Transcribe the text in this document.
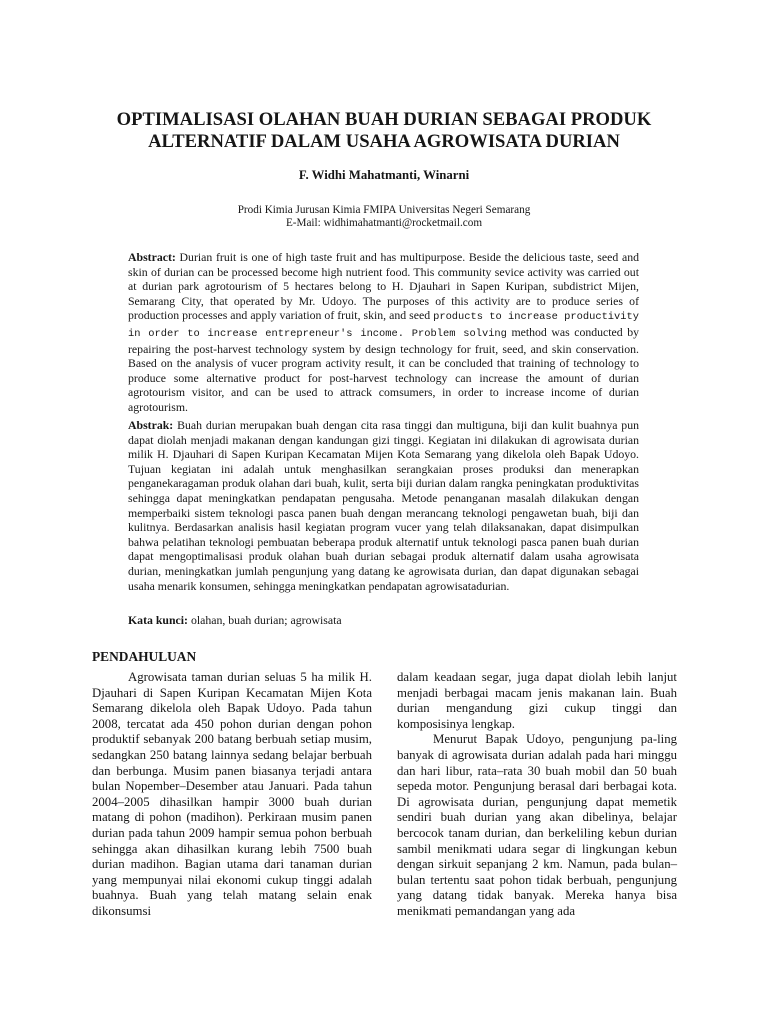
OPTIMALISASI OLAHAN BUAH DURIAN SEBAGAI PRODUK
ALTERNATIF DALAM USAHA AGROWISATA DURIAN
F. Widhi Mahatmanti, Winarni
Prodi Kimia Jurusan Kimia FMIPA Universitas Negeri Semarang
E-Mail: widhimahatmanti@rocketmail.com
Abstract: Durian fruit is one of high taste fruit and has multipurpose. Beside the delicious taste, seed and skin of durian can be processed become high nutrient food. This community sevice activity was carried out at durian park agrotourism of 5 hectares belong to H. Djauhari in Sapen Kuripan, subdistrict Mijen, Semarang City, that operated by Mr. Udoyo. The purposes of this activity are to produce series of production processes and apply variation of fruit, skin, and seed products to increase productivity in order to increase entrepreneur's income. Problem solving method was conducted by repairing the post-harvest technology system by design technology for fruit, seed, and skin conservation. Based on the analysis of vucer program activity result, it can be concluded that training of technology to produce some alternative product for post-harvest technology can increase the amount of durian agrotourism visitor, and can be used to attrack comsumers, in order to increase income of durian agrotourism.
Abstrak: Buah durian merupakan buah dengan cita rasa tinggi dan multiguna, biji dan kulit buahnya pun dapat diolah menjadi makanan dengan kandungan gizi tinggi. Kegiatan ini dilakukan di agrowisata durian milik H. Djauhari di Sapen Kuripan Kecamatan Mijen Kota Semarang yang dikelola oleh Bapak Udoyo. Tujuan kegiatan ini adalah untuk menghasilkan serangkaian proses produksi dan menerapkan penganekaragaman produk olahan dari buah, kulit, serta biji durian dalam rangka peningkatan produktivitas sehingga dapat meningkatkan pendapatan pengusaha. Metode penanganan masalah dilakukan dengan memperbaiki sistem teknologi pasca panen buah dengan merancang teknologi pengawetan buah, biji dan kulitnya. Berdasarkan analisis hasil kegiatan program vucer yang telah dilaksanakan, dapat disimpulkan bahwa pelatihan teknologi pembuatan beberapa produk alternatif untuk teknologi pasca panen buah durian dapat mengoptimalisasi produk olahan buah durian sebagai produk alternatif dalam usaha agrowisata durian, meningkatkan jumlah pengunjung yang datang ke agrowisata durian, dan dapat digunakan sebagai usaha menarik konsumen, sehingga meningkatkan pendapatan agrowisatadurian.
Kata kunci: olahan, buah durian; agrowisata
PENDAHULUAN

Agrowisata taman durian seluas 5 ha milik H. Djauhari di Sapen Kuripan Kecamatan Mijen Kota Semarang dikelola oleh Bapak Udoyo. Pada tahun 2008, tercatat ada 450 pohon durian dengan pohon produktif sebanyak 200 batang berbuah setiap musim, sedangkan 250 batang lainnya sedang belajar berbuah dan berbunga. Musim panen biasanya terjadi antara bulan Nopember–Desember atau Januari. Pada tahun 2004–2005 dihasilkan hampir 3000 buah durian matang di pohon (madihon). Perkiraan musim panen durian pada tahun 2009 hampir semua pohon berbuah sehingga akan dihasilkan kurang lebih 7500 buah durian madihon. Bagian utama dari tanaman durian yang mempunyai nilai ekonomi cukup tinggi adalah buahnya. Buah yang telah matang selain enak dikonsumsi

dalam keadaan segar, juga dapat diolah lebih lanjut menjadi berbagai macam jenis makanan lain. Buah durian mengandung gizi cukup tinggi dan komposisinya lengkap.

Menurut Bapak Udoyo, pengunjung pa-ling banyak di agrowisata durian adalah pada hari minggu dan hari libur, rata–rata 30 buah mobil dan 50 buah sepeda motor. Pengunjung berasal dari berbagai kota. Di agrowisata durian, pengunjung dapat memetik sendiri buah durian yang akan dibelinya, belajar bercocok tanam durian, dan berkeliling kebun durian sambil menikmati udara segar di lingkungan kebun dengan sirkuit sepanjang 2 km. Namun, pada bulan–bulan tertentu saat pohon tidak berbuah, pengunjung yang datang tidak banyak. Mereka hanya bisa menikmati pemandangan yang ada
